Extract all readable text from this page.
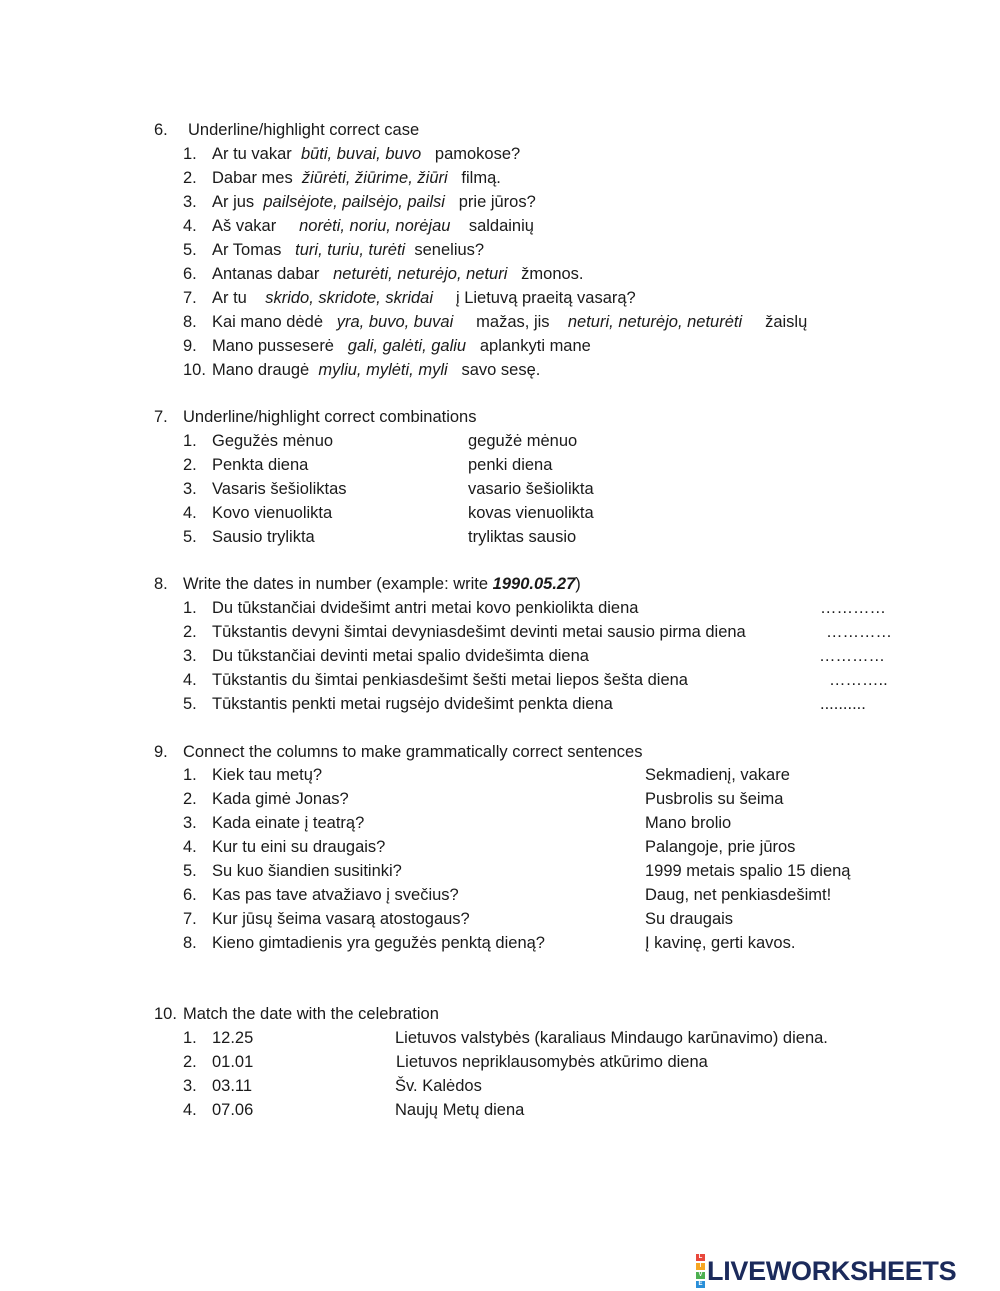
6. Underline/highlight correct case
1. Ar tu vakar būti, buvai, buvo pamokose?
2. Dabar mes žiūrėti, žiūrime, žiūri filmą.
3. Ar jus pailsėjote, pailsėjo, pailsi prie jūros?
4. Aš vakar norėti, noriu, norėjau saldainių
5. Ar Tomas turi, turiu, turėti senelius?
6. Antanas dabar neturėti, neturėjo, neturi žmonos.
7. Ar tu skrido, skridote, skridai į Lietuvą praeitą vasarą?
8. Kai mano dėdė yra, buvo, buvai mažas, jis neturi, neturėjo, neturėti žaislų
9. Mano pusseserė gali, galėti, galiu aplankyti mane
10. Mano draugė myliu, mylėti, myli savo sesę.
7. Underline/highlight correct combinations
1. Gegužės mėnuo	gegužė mėnuo
2. Penkta diena	penki diena
3. Vasaris šešioliktas	vasario šešiolikta
4. Kovo vienuolikta	kovas vienuolikta
5. Sausio trylikta	tryliktas sausio
8. Write the dates in number (example: write 1990.05.27)
1. Du tūkstančiai dvidešimt antri metai kovo penkiolikta diena	…………
2. Tūkstantis devyni šimtai devyniasdešimt devinti metai sausio pirma diena	…………
3. Du tūkstančiai devinti metai spalio dvidešimta diena	…………
4. Tūkstantis du šimtai penkiasdešimt šešti metai liepos šešta diena	………..
5. Tūkstantis penkti metai rugsėjo dvidešimt penkta diena	..........
9. Connect the columns to make grammatically correct sentences
1. Kiek tau metų?	Sekmadienį, vakare
2. Kada gimė Jonas?	Pusbrolis su šeima
3. Kada einate į teatrą?	Mano brolio
4. Kur tu eini su draugais?	Palangoje, prie jūros
5. Su kuo šiandien susitinki?	1999 metais spalio 15 dieną
6. Kas pas tave atvažiavo į svečius?	Daug, net penkiasdešimt!
7. Kur jūsų šeima vasarą atostogaus?	Su draugais
8. Kieno gimtadienis yra gegužės penktą dieną?	Į kavinę, gerti kavos.
10. Match the date with the celebration
1. 12.25	Lietuvos valstybės (karaliaus Mindaugo karūnavimo) diena.
2. 01.01	Lietuvos nepriklausomybės atkūrimo diena
3. 03.11	Šv. Kalėdos
4. 07.06	Naujų Metų diena
L
I
V
E LIVEWORKSHEETS
